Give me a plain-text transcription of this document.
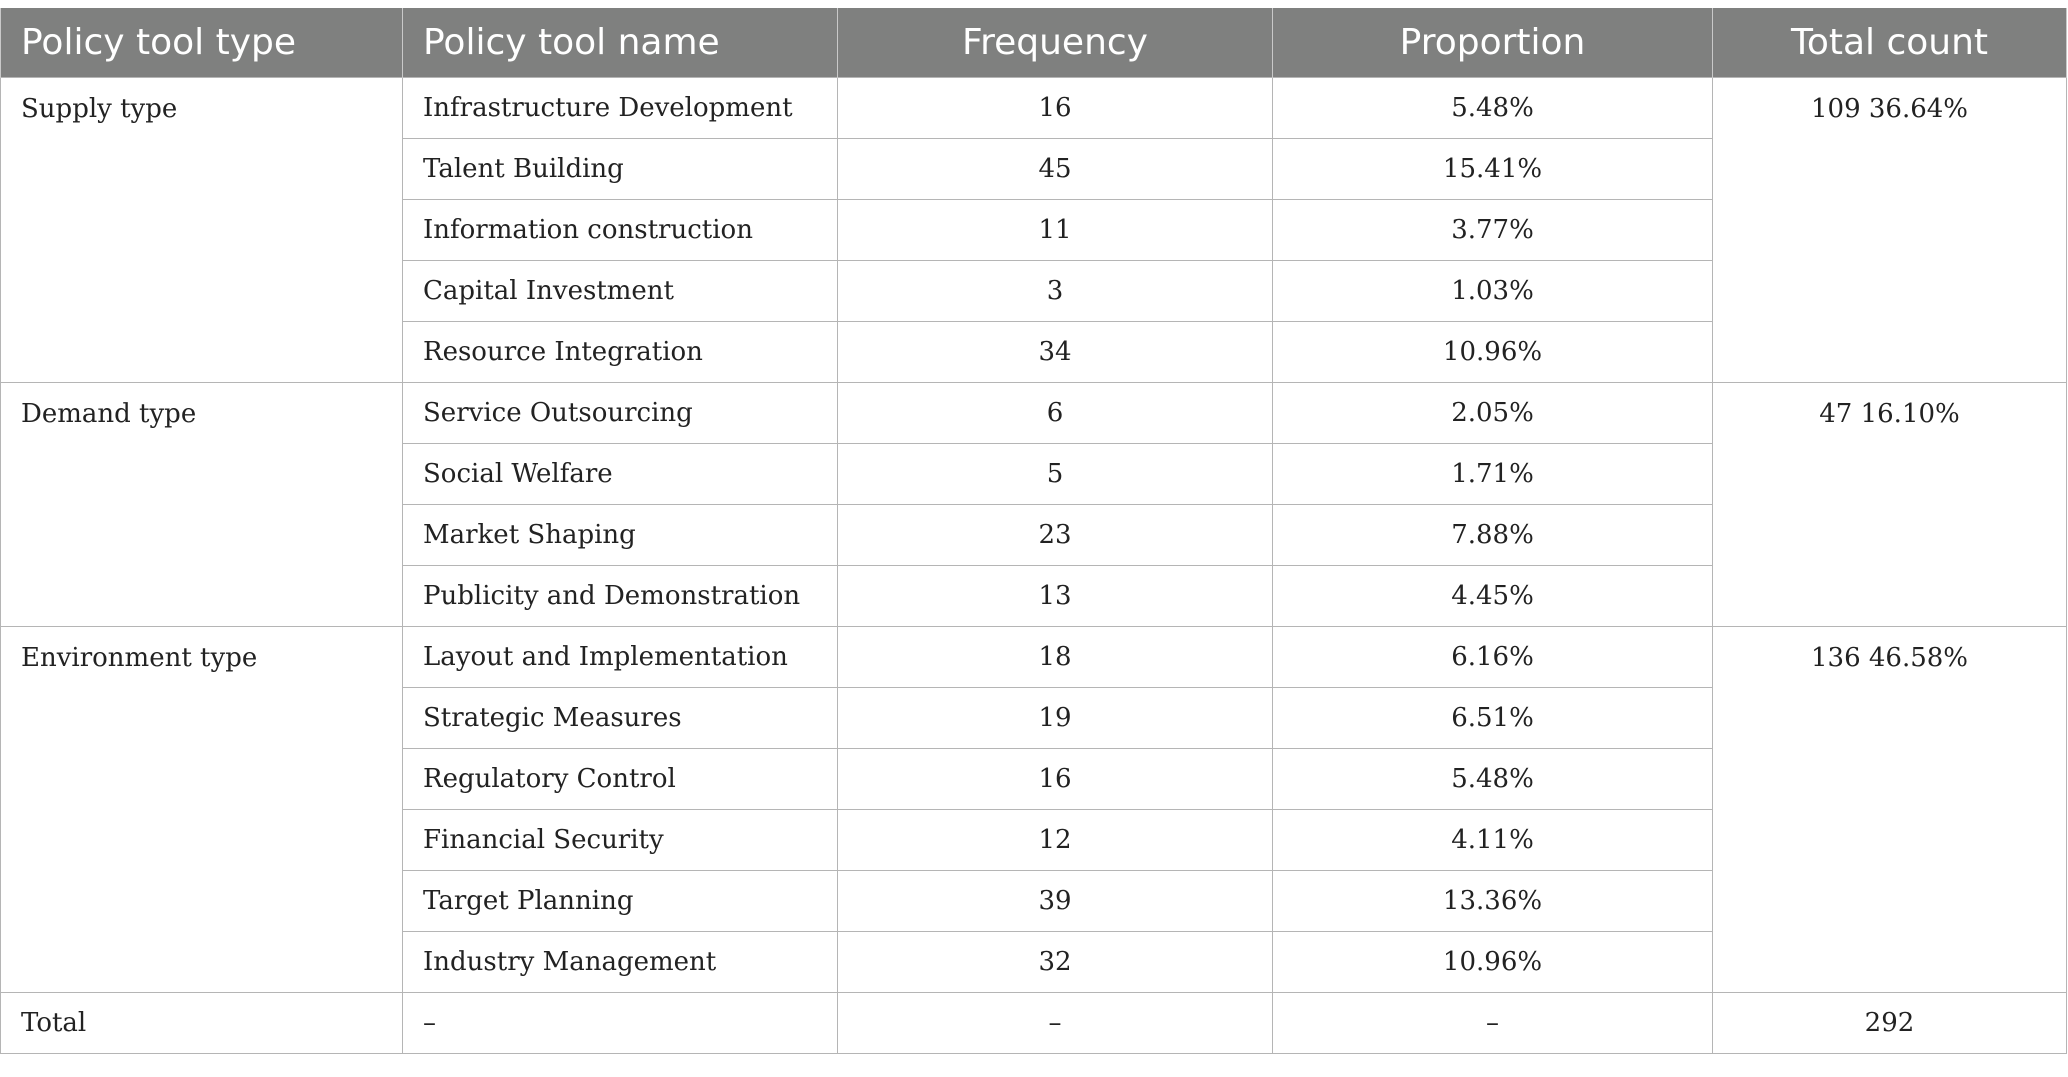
Policy tool type	Policy tool name	Frequency	Proportion	Total count
Supply type	Infrastructure Development	16	5.48%	109 36.64%
	Talent Building	45	15.41%	
	Information construction	11	3.77%	
	Capital Investment	3	1.03%	
	Resource Integration	34	10.96%	
Demand type	Service Outsourcing	6	2.05%	47 16.10%
	Social Welfare	5	1.71%	
	Market Shaping	23	7.88%	
	Publicity and Demonstration	13	4.45%	
Environment type	Layout and Implementation	18	6.16%	136 46.58%
	Strategic Measures	19	6.51%	
	Regulatory Control	16	5.48%	
	Financial Security	12	4.11%	
	Target Planning	39	13.36%	
	Industry Management	32	10.96%	
Total	–	–	–	292
